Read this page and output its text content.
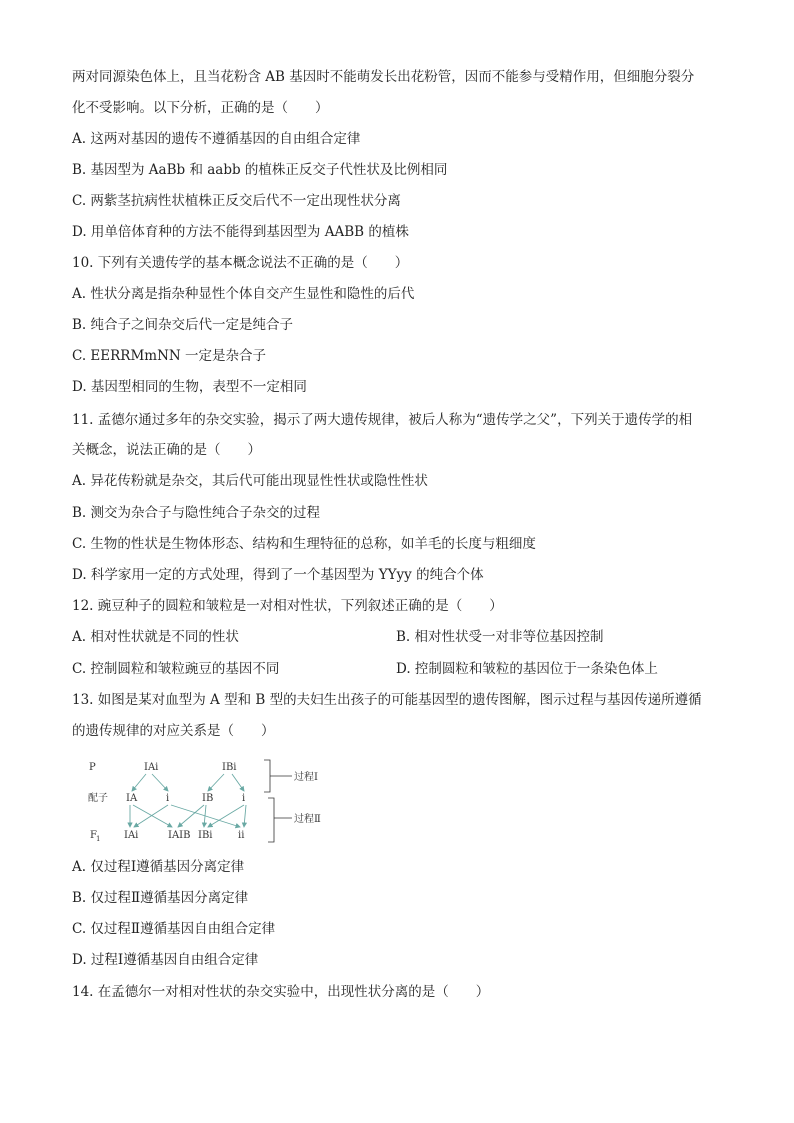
两对同源染色体上，且当花粉含 AB 基因时不能萌发长出花粉管，因而不能参与受精作用，但细胞分裂分
化不受影响。以下分析，正确的是（　　）
A. 这两对基因的遗传不遵循基因的自由组合定律
B. 基因型为 AaBb 和 aabb 的植株正反交子代性状及比例相同
C. 两紫茎抗病性状植株正反交后代不一定出现性状分离
D. 用单倍体育种的方法不能得到基因型为 AABB 的植株
10. 下列有关遗传学的基本概念说法不正确的是（　　）
A. 性状分离是指杂种显性个体自交产生显性和隐性的后代
B. 纯合子之间杂交后代一定是纯合子
C. EERRMmNN 一定是杂合子
D. 基因型相同的生物，表型不一定相同
11. 孟德尔通过多年的杂交实验，揭示了两大遗传规律，被后人称为“遗传学之父”，下列关于遗传学的相
关概念，说法正确的是（　　）
A. 异花传粉就是杂交，其后代可能出现显性性状或隐性性状
B. 测交为杂合子与隐性纯合子杂交的过程
C. 生物的性状是生物体形态、结构和生理特征的总称，如羊毛的长度与粗细度
D. 科学家用一定的方式处理，得到了一个基因型为 YYyy 的纯合个体
12. 豌豆种子的圆粒和皱粒是一对相对性状，下列叙述正确的是（　　）
A. 相对性状就是不同的性状	B. 相对性状受一对非等位基因控制
C. 控制圆粒和皱粒豌豆的基因不同	D. 控制圆粒和皱粒的基因位于一条染色体上
13. 如图是某对血型为 A 型和 B 型的夫妇生出孩子的可能基因型的遗传图解，图示过程与基因传递所遵循
的遗传规律的对应关系是（　　）
P
配子
F 1
IAi	IBi
IA	i	IB	i
IAi	IAIB IBi	ii
过程Ⅰ
过程Ⅱ
A. 仅过程Ⅰ遵循基因分离定律
B. 仅过程Ⅱ遵循基因分离定律
C. 仅过程Ⅱ遵循基因自由组合定律
D. 过程Ⅰ遵循基因自由组合定律
14. 在孟德尔一对相对性状的杂交实验中，出现性状分离的是（　　）
